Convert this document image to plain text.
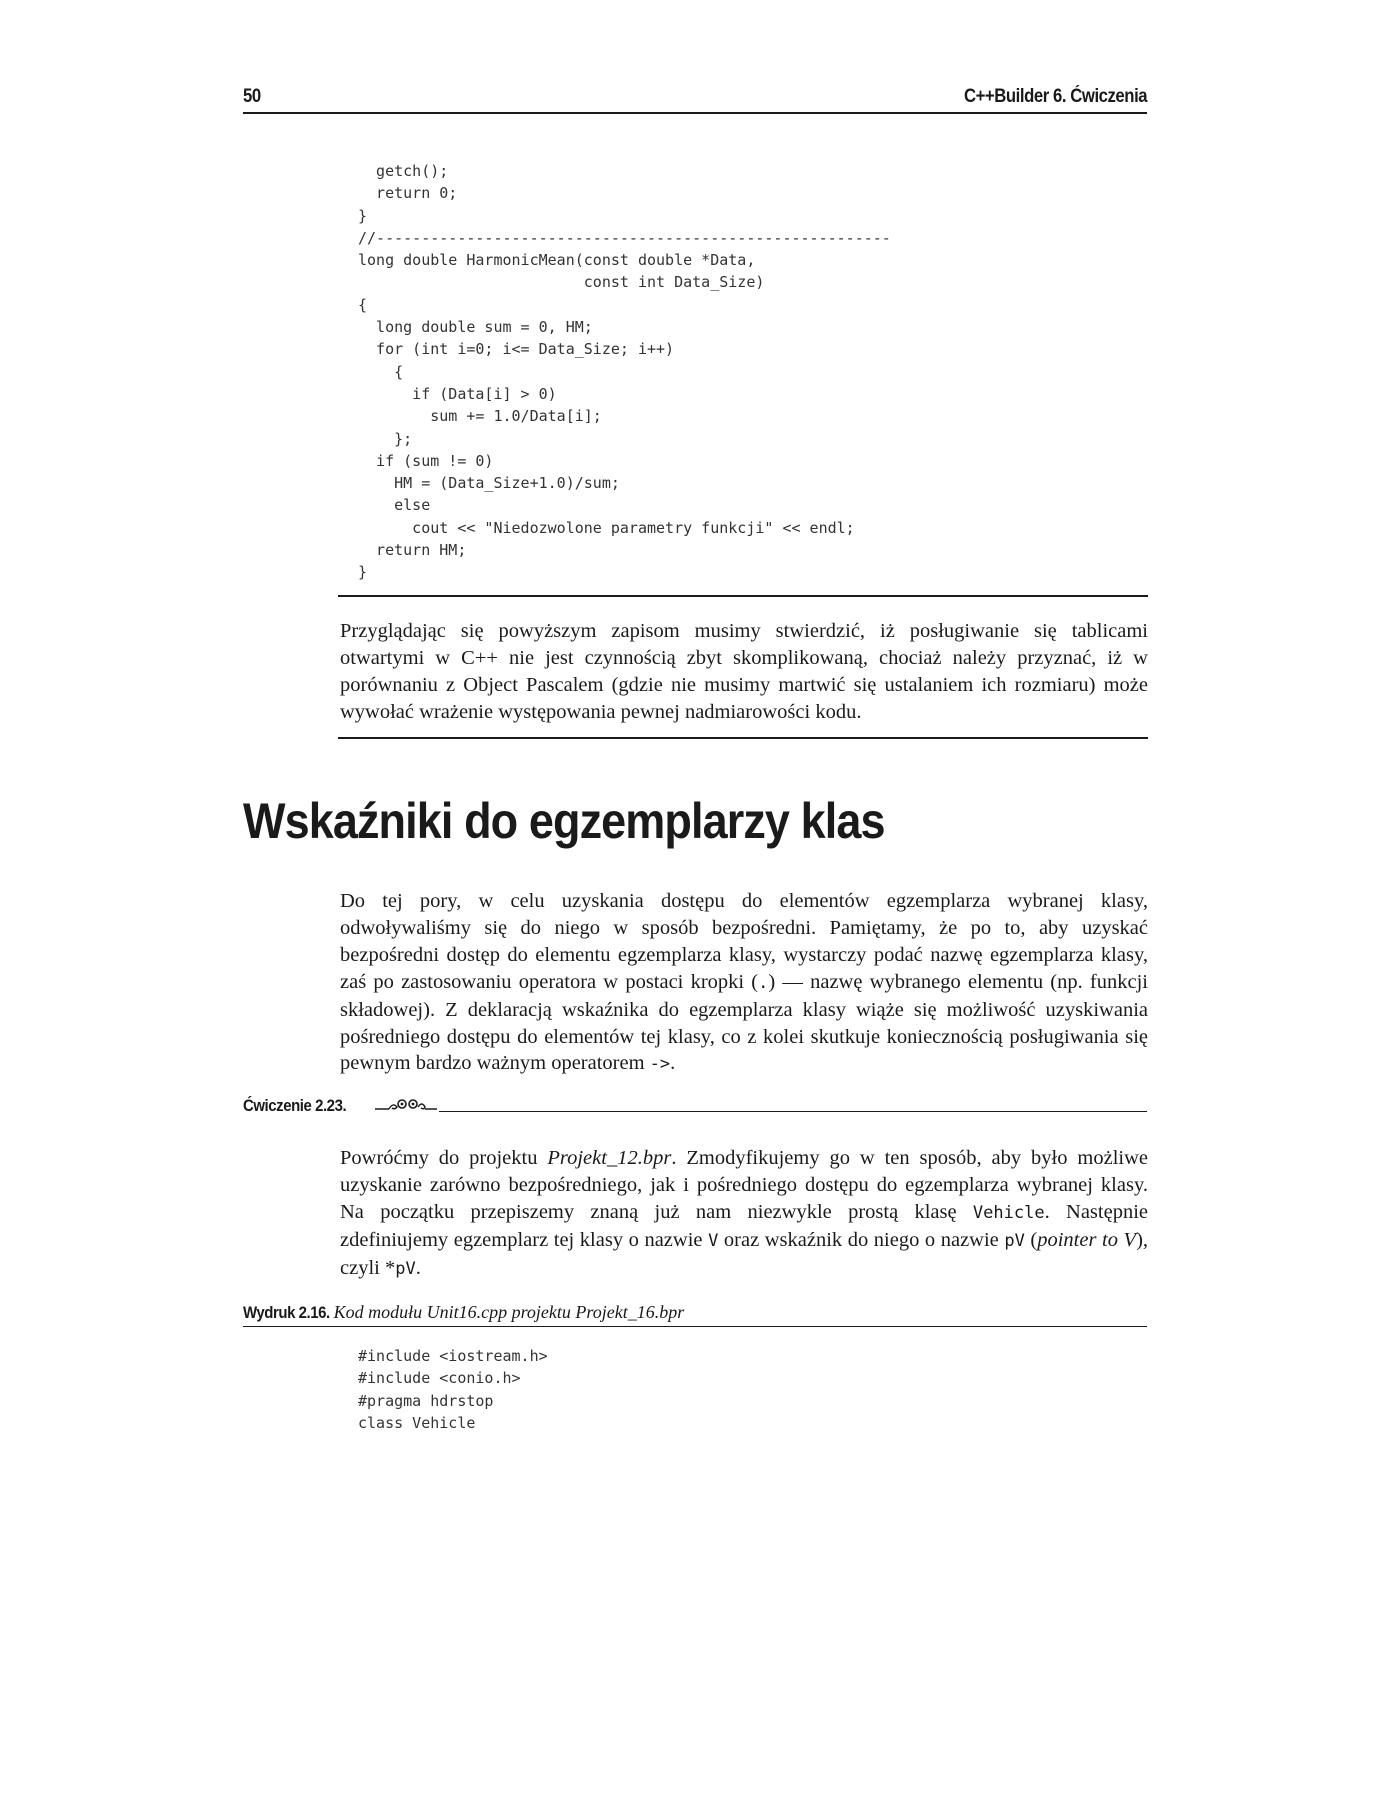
50	C++Builder 6. Ćwiczenia
getch();
return 0;
}
//---------------------------------------------------------
long double HarmonicMean(const double *Data,
const int Data_Size)
{
long double sum = 0, HM;
for (int i=0; i<= Data_Size; i++)
{
if (Data[i] > 0)
sum += 1.0/Data[i];
};
if (sum != 0)
HM = (Data_Size+1.0)/sum;
else
cout << "Niedozwolone parametry funkcji" << endl;
return HM;
}

Przyglądając się powyższym zapisom musimy stwierdzić, iż posługiwanie się tablicami otwartymi w C++ nie jest czynnością zbyt skomplikowaną, chociaż należy przyznać, iż w porównaniu z Object Pascalem (gdzie nie musimy martwić się ustalaniem ich rozmiaru) może wywołać wrażenie występowania pewnej nadmiarowości kodu.

Wskaźniki do egzemplarzy klas

Do tej pory, w celu uzyskania dostępu do elementów egzemplarza wybranej klasy, odwoływaliśmy się do niego w sposób bezpośredni. Pamiętamy, że po to, aby uzyskać bezpośredni dostęp do elementu egzemplarza klasy, wystarczy podać nazwę egzemplarza klasy, zaś po zastosowaniu operatora w postaci kropki (.) — nazwę wybranego elementu (np. funkcji składowej). Z deklaracją wskaźnika do egzemplarza klasy wiąże się możliwość uzyskiwania pośredniego dostępu do elementów tej klasy, co z kolei skutkuje koniecznością posługiwania się pewnym bardzo ważnym operatorem ->.

Ćwiczenie 2.23.

Powróćmy do projektu Projekt_12.bpr. Zmodyfikujemy go w ten sposób, aby było możliwe uzyskanie zarówno bezpośredniego, jak i pośredniego dostępu do egzemplarza wybranej klasy. Na początku przepiszemy znaną już nam niezwykle prostą klasę Vehicle. Następnie zdefiniujemy egzemplarz tej klasy o nazwie V oraz wskaźnik do niego o nazwie pV (pointer to V), czyli *pV.

Wydruk 2.16. Kod modułu Unit16.cpp projektu Projekt_16.bpr
#include <iostream.h>
#include <conio.h>
#pragma hdrstop
class Vehicle
